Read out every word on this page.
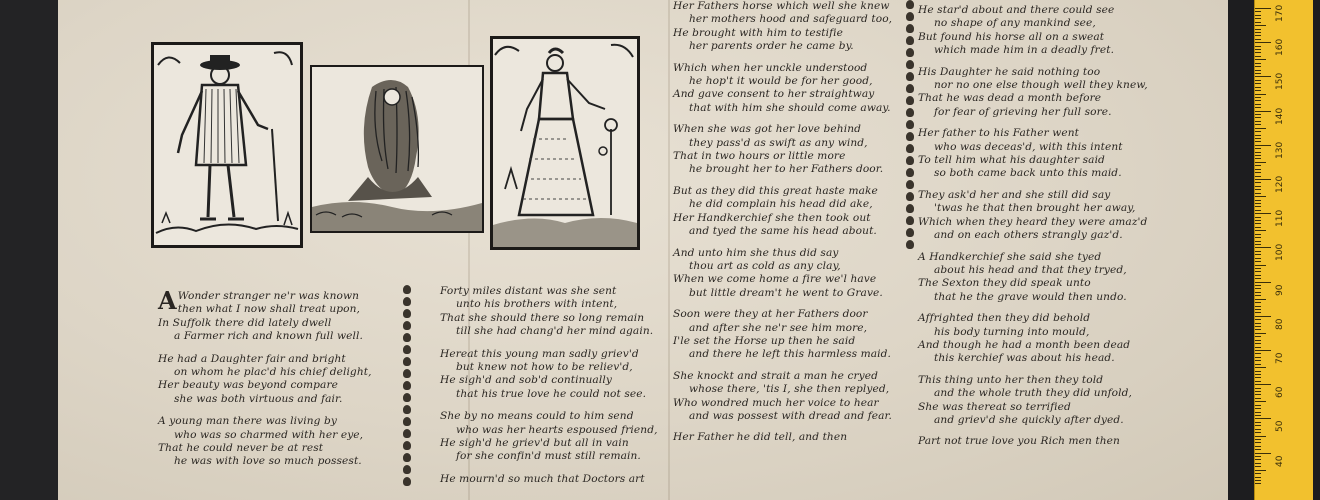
A Wonder stranger ne'r was known
then what I now shall treat upon,
In Suffolk there did lately dwell
a Farmer rich and known full well.
He had a Daughter fair and bright
on whom he plac'd his chief delight,
Her beauty was beyond compare
she was both virtuous and fair.
A young man there was living by
who was so charmed with her eye,
That he could never be at rest
he was with love so much possest.
Forty miles distant was she sent
unto his brothers with intent,
That she should there so long remain
till she had chang'd her mind again.
Hereat this young man sadly griev'd
but knew not how to be reliev'd,
He sigh'd and sob'd continually
that his true love he could not see.
She by no means could to him send
who was her hearts espoused friend,
He sigh'd he griev'd but all in vain
for she confin'd must still remain.
He mourn'd so much that Doctors art
Her Fathers horse which well she knew
her mothers hood and safeguard too,
He brought with him to testifie
her parents order he came by.
Which when her unckle understood
he hop't it would be for her good,
And gave consent to her straightway
that with him she should come away.
When she was got her love behind
they pass'd as swift as any wind,
That in two hours or little more
he brought her to her Fathers door.
But as they did this great haste make
he did complain his head did ake,
Her Handkerchief she then took out
and tyed the same his head about.
And unto him she thus did say
thou art as cold as any clay,
When we come home a fire we'l have
but little dream't he went to Grave.
Soon were they at her Fathers door
and after she ne'r see him more,
I'le set the Horse up then he said
and there he left this harmless maid.
She knockt and strait a man he cryed
whose there, 'tis I, she then replyed,
Who wondred much her voice to hear
and was possest with dread and fear.
Her Father he did tell, and then
He star'd about and there could see
no shape of any mankind see,
But found his horse all on a sweat
which made him in a deadly fret.
His Daughter he said nothing too
nor no one else though well they knew,
That he was dead a month before
for fear of grieving her full sore.
Her father to his Father went
who was deceas'd, with this intent
To tell him what his daughter said
so both came back unto this maid.
They ask'd her and she still did say
'twas he that then brought her away,
Which when they heard they were amaz'd
and on each others strangly gaz'd.
A Handkerchief she said she tyed
about his head and that they tryed,
The Sexton they did speak unto
that he the grave would then undo.
Affrighted then they did behold
his body turning into mould,
And though he had a month been dead
this kerchief was about his head.
This thing unto her then they told
and the whole truth they did unfold,
She was thereat so terrified
and griev'd she quickly after dyed.
Part not true love you Rich men then
170
160
150
140
130
120
110
100
90
80
70
60
50
40
